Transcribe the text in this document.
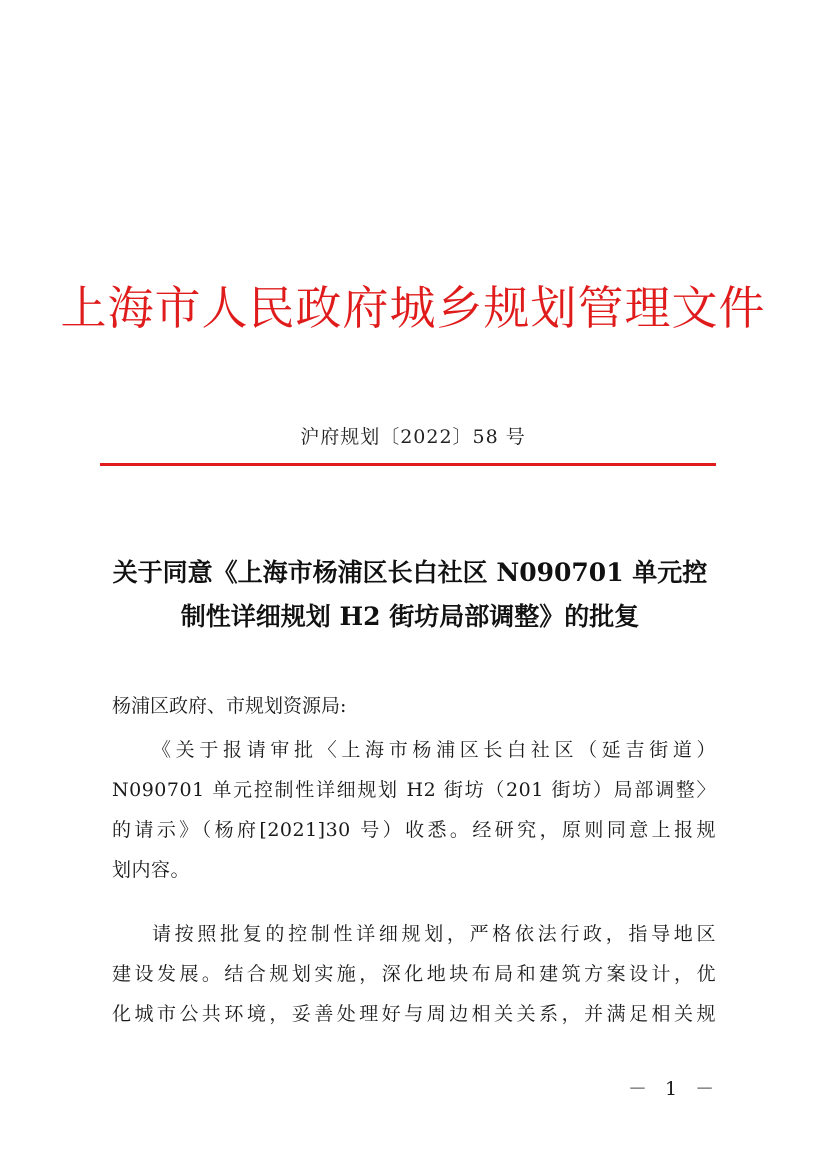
上海市人民政府城乡规划管理文件
沪府规划〔2022〕58 号
关于同意《上海市杨浦区长白社区 N090701 单元控
制性详细规划 H2 街坊局部调整》的批复
杨浦区政府、市规划资源局:
《关于报请审批〈上海市杨浦区长白社区（延吉街道）
N090701 单元控制性详细规划 H2 街坊（201 街坊）局部调整〉
的请示》（杨府[2021]30 号）收悉。经研究，原则同意上报规
划内容。
请按照批复的控制性详细规划，严格依法行政，指导地区
建设发展。结合规划实施，深化地块布局和建筑方案设计，优
化城市公共环境，妥善处理好与周边相关关系，并满足相关规
－ 1 －
